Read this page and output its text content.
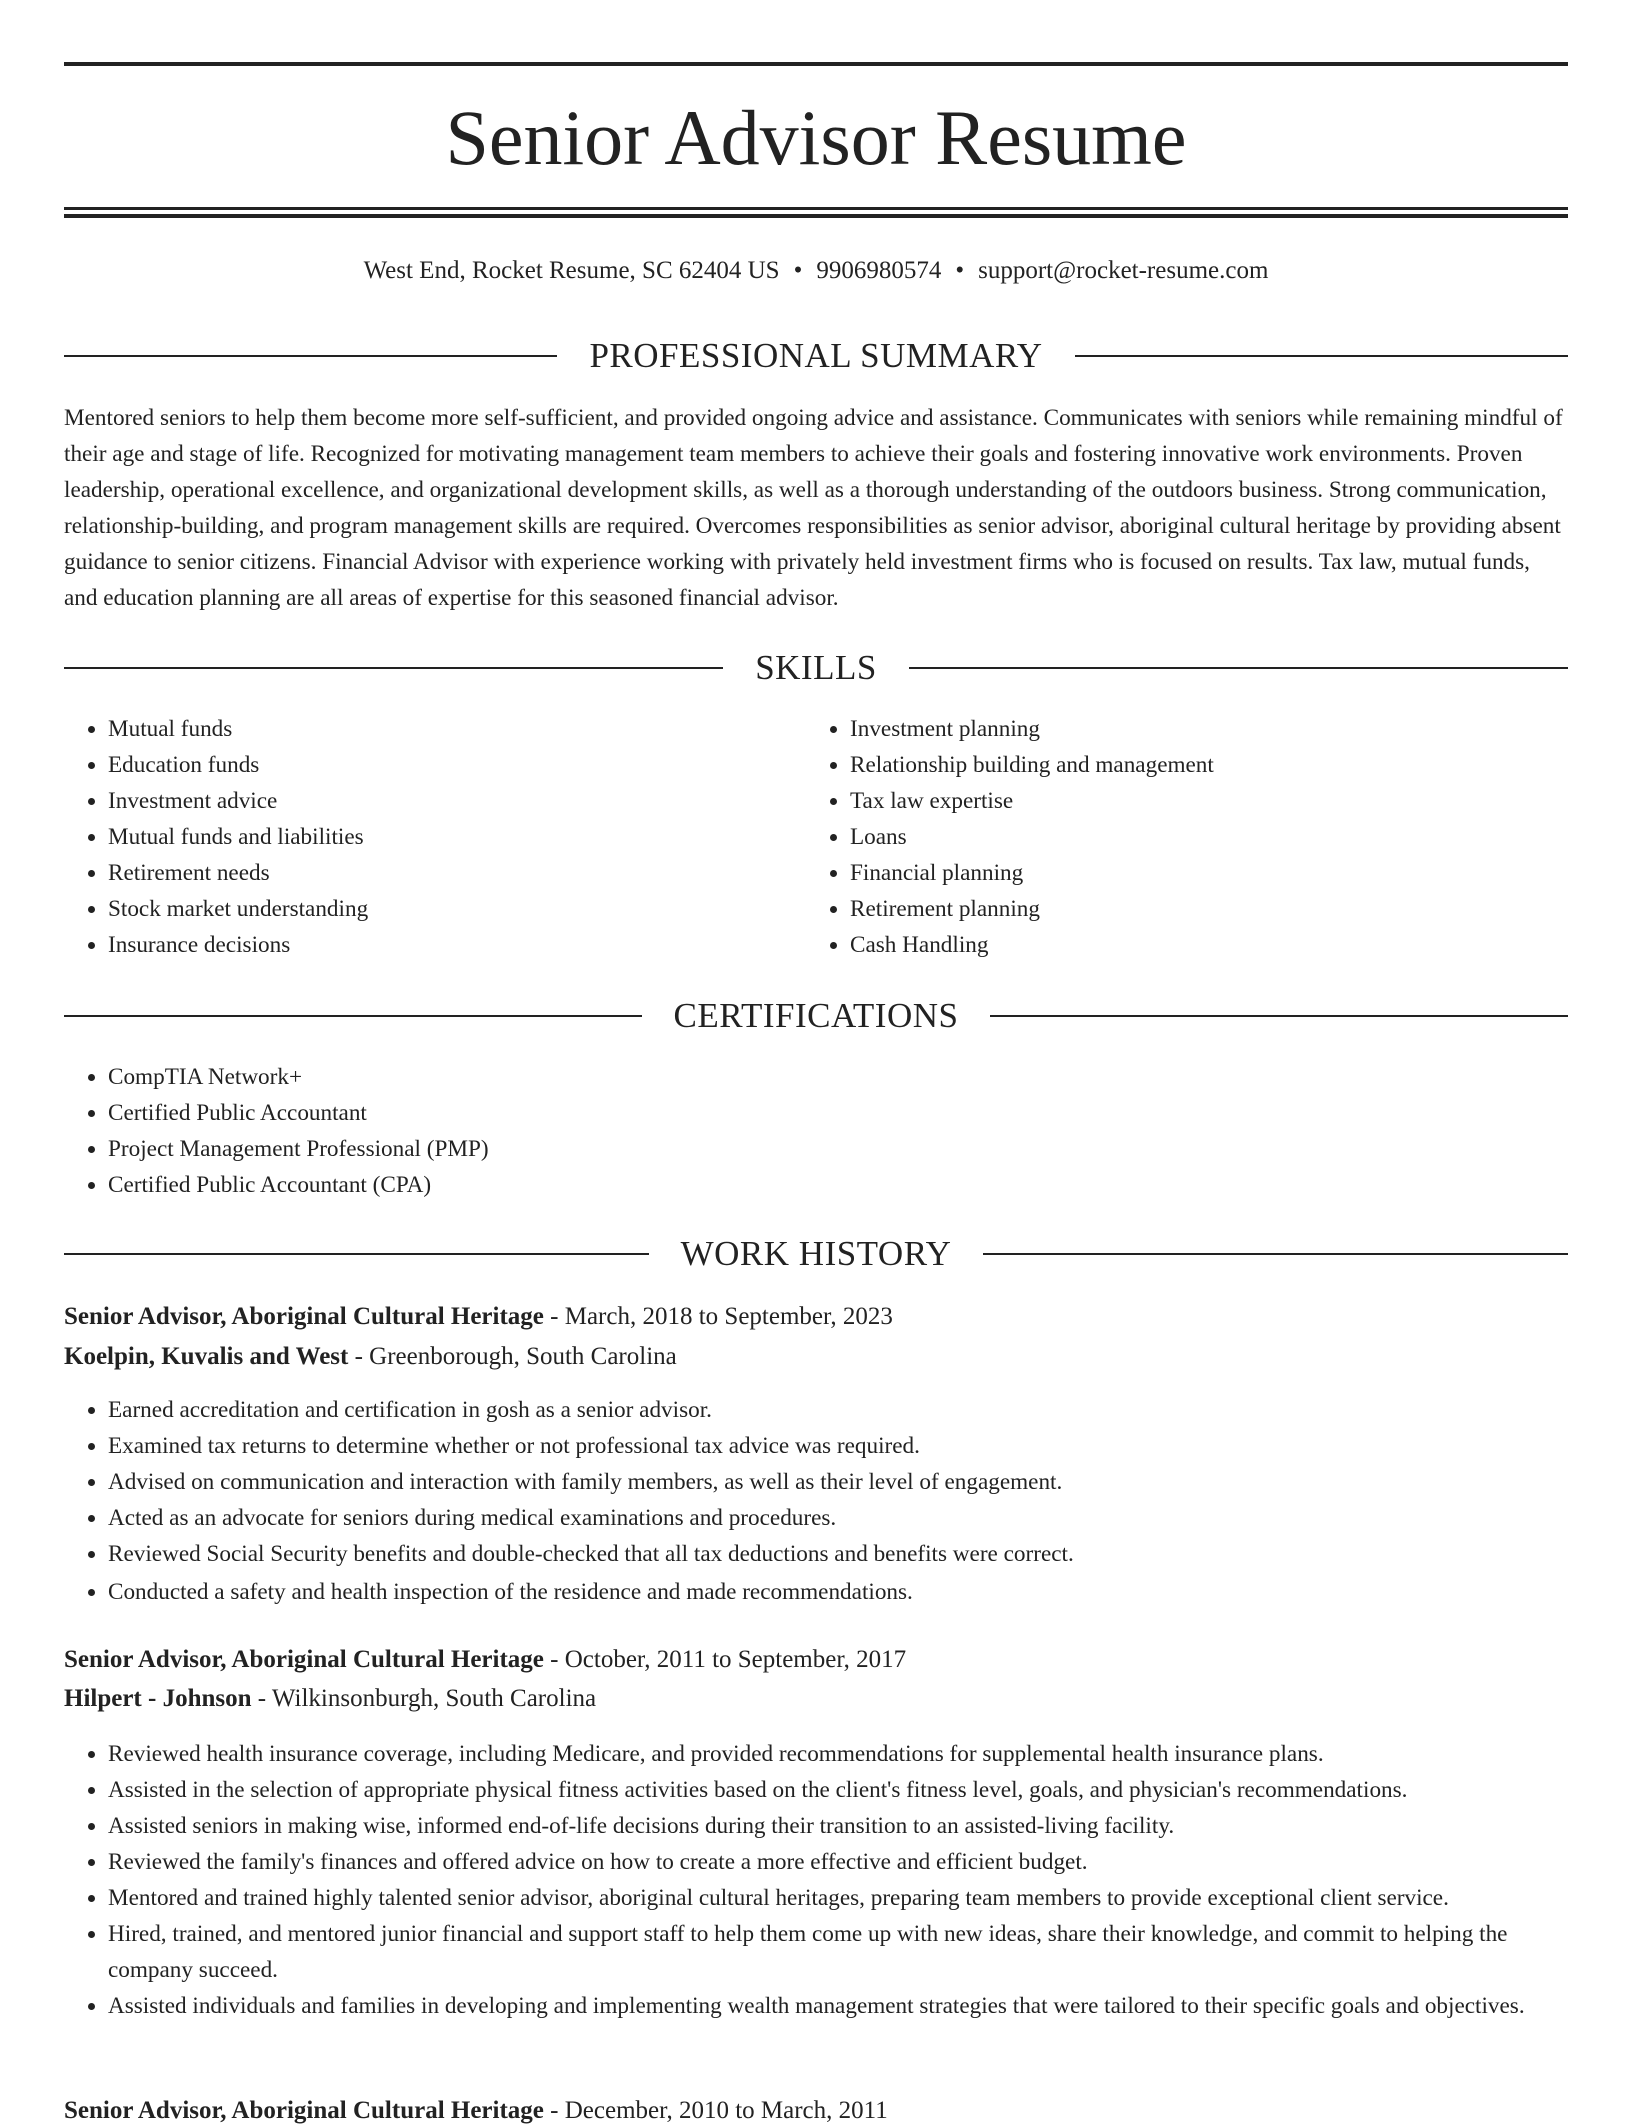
Senior Advisor Resume
West End, Rocket Resume, SC 62404 US • 9906980574 • support@rocket-resume.com
PROFESSIONAL SUMMARY

Mentored seniors to help them become more self-sufficient, and provided ongoing advice and assistance. Communicates with seniors while remaining mindful of their age and stage of life. Recognized for motivating management team members to achieve their goals and fostering innovative work environments. Proven leadership, operational excellence, and organizational development skills, as well as a thorough understanding of the outdoors business. Strong communication, relationship-building, and program management skills are required. Overcomes responsibilities as senior advisor, aboriginal cultural heritage by providing absent guidance to senior citizens. Financial Advisor with experience working with privately held investment firms who is focused on results. Tax law, mutual funds, and education planning are all areas of expertise for this seasoned financial advisor.

SKILLS
• Mutual funds
• Education funds
• Investment advice
• Mutual funds and liabilities
• Retirement needs
• Stock market understanding
• Insurance decisions
• Investment planning
• Relationship building and management
• Tax law expertise
• Loans
• Financial planning
• Retirement planning
• Cash Handling
CERTIFICATIONS
• CompTIA Network+
• Certified Public Accountant
• Project Management Professional (PMP)
• Certified Public Accountant (CPA)
WORK HISTORY

Senior Advisor, Aboriginal Cultural Heritage - March, 2018 to September, 2023

Koelpin, Kuvalis and West - Greenborough, South Carolina

• Earned accreditation and certification in gosh as a senior advisor.
• Examined tax returns to determine whether or not professional tax advice was required.
• Advised on communication and interaction with family members, as well as their level of engagement.
• Acted as an advocate for seniors during medical examinations and procedures.
• Reviewed Social Security benefits and double-checked that all tax deductions and benefits were correct.
• Conducted a safety and health inspection of the residence and made recommendations.

Senior Advisor, Aboriginal Cultural Heritage - October, 2011 to September, 2017

Hilpert - Johnson - Wilkinsonburgh, South Carolina

• Reviewed health insurance coverage, including Medicare, and provided recommendations for supplemental health insurance plans.
• Assisted in the selection of appropriate physical fitness activities based on the client's fitness level, goals, and physician's recommendations.
• Assisted seniors in making wise, informed end-of-life decisions during their transition to an assisted-living facility.
• Reviewed the family's finances and offered advice on how to create a more effective and efficient budget.
• Mentored and trained highly talented senior advisor, aboriginal cultural heritages, preparing team members to provide exceptional client service.
• Hired, trained, and mentored junior financial and support staff to help them come up with new ideas, share their knowledge, and commit to helping the company succeed.
• Assisted individuals and families in developing and implementing wealth management strategies that were tailored to their specific goals and objectives.

Senior Advisor, Aboriginal Cultural Heritage - December, 2010 to March, 2011
